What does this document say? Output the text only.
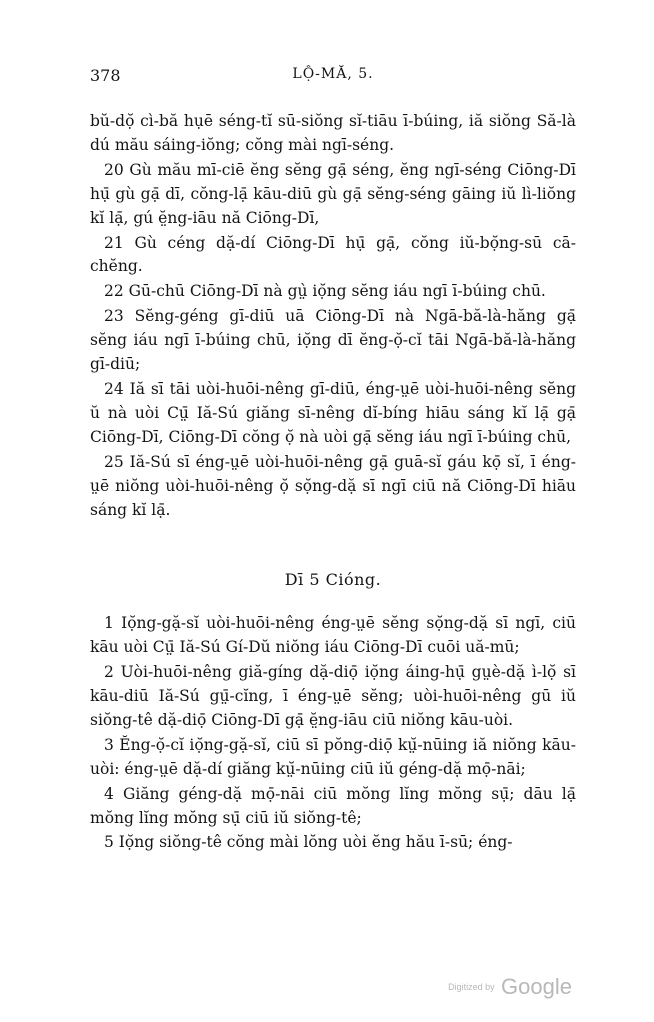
378	LỘ-MĂ, 5.

bŭ-dọ̆ cì-bă hụē séng-tĭ sū-siŏng sĭ-tiāu ī-búing, iă siŏng Să-là dú mău sáing-iŏng; cŏng mài ngī-séng.

20 Gù mău mī-ciē ĕng sĕng gạ̄ séng, ĕng ngī-séng Ciōng-Dī hụ̄ gù gạ̄ dī, cŏng-lạ̄ kāu-diū gù gạ̄ sĕng-séng gāing iŭ lì-liŏng kĭ lạ̄, gú ĕ̤ng-iāu nă Ciōng-Dī,

21 Gù céng dặ-dí Ciōng-Dī hụ̄ gạ̄, cŏng iŭ-bọ̆ng-sū cā-chĕng.

22 Gū-chū Ciōng-Dī nà gṳ̀ iọ̆ng sĕng iáu ngī ī-búing chū.

23 Sĕng-géng gī-diū uā Ciōng-Dī nà Ngā-bă-là-hăng gạ̄ sĕng iáu ngī ī-búing chū, iọ̆ng dī ĕng-ọ̆-cĭ tāi Ngā-bă-là-hăng gī-diū;

24 Iă sī tāi uòi-huōi-nêng gī-diū, éng-ṳē uòi-huōi-nêng sĕng ŭ nà uòi Cṳ̄ Iă-Sú giăng sī-nêng dĭ-bíng hiāu sáng kĭ lạ̄ gạ̄ Ciōng-Dī, Ciōng-Dī cŏng ọ̆ nà uòi gạ̄ sĕng iáu ngī ī-búing chū,

25 Iă-Sú sī éng-ṳē uòi-huōi-nêng gạ̄ guā-sĭ gáu kọ̄ sĭ, ī éng-ṳē niŏng uòi-huōi-nêng ọ̆ sọ̆ng-dặ sī ngī ciū nă Ciōng-Dī hiāu sáng kĭ lạ̄.

Dī 5 Cióng.

1 Iọ̆ng-gặ-sĭ uòi-huōi-nêng éng-ṳē sĕng sọ̆ng-dặ sī ngī, ciū kāu uòi Cṳ̄ Iă-Sú Gí-Dŭ niŏng iáu Ciōng-Dī cuōi uă-mū;

2 Uòi-huōi-nêng giă-gíng dặ-diọ̄ iọ̆ng áing-hụ̄ gṳè-dặ ì-lọ̆ sī kāu-diū Iă-Sú gṳ̄-cĭng, ī éng-ṳē sĕng; uòi-huōi-nêng gū iŭ siŏng-tê dặ-diọ̄ Ciōng-Dī gạ̄ ĕ̤ng-iāu ciū niŏng kāu-uòi.

3 Ĕng-ọ̆-cĭ iọ̆ng-gặ-sĭ, ciū sī pŏng-diọ̄ kṳ̆-nūing iă niŏng kāu-uòi: éng-ṳē dặ-dí giăng kṳ̆-nūing ciū iŭ géng-dặ mọ̄-nāi;

4 Giăng géng-dặ mọ̄-nāi ciū mŏng lĭng mŏng sụ̄; dāu lạ̄ mŏng lĭng mŏng sụ̄ ciū iŭ siŏng-tê;

5 Iọ̆ng siŏng-tê cŏng mài lŏng uòi ĕng hău ī-sū; éng-

Digitized by Google
